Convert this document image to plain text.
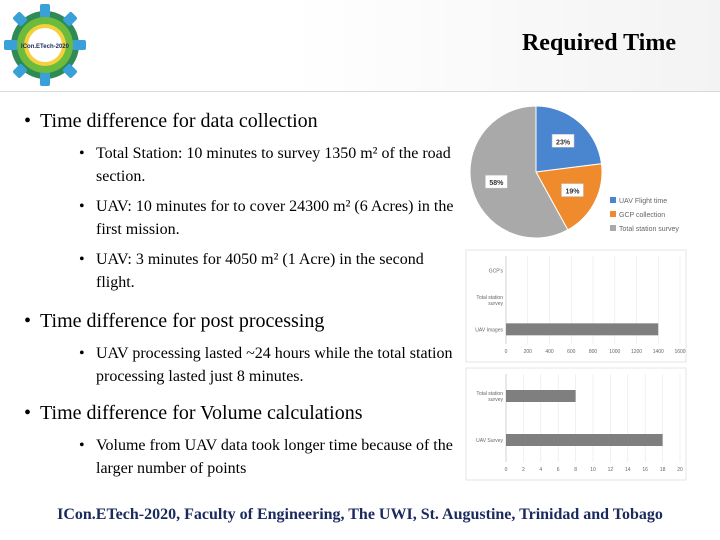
ICon.ETech-2020	Required Time
• Time difference for data collection
• Total Station: 10 minutes to survey 1350 m² of the road section.
• UAV: 10 minutes for to cover 24300 m² (6 Acres) in the first mission.
• UAV: 3 minutes for 4050 m² (1 Acre) in the second flight.
• Time difference for post processing
• UAV processing lasted ~24 hours while the total station processing lasted just 8 minutes.
• Time difference for Volume calculations
• Volume from UAV data took longer time because of the larger number of points
23%
19%
58%
UAV Flight time
GCP collection
Total station survey
0	200	400	600	800 1000 1200 1400 1600
GCP's
Total station
survey
UAV Images
0	2	4	6	8	10 12 14 16 18 20
Total station
survey
UAV Survey
ICon.ETech-2020, Faculty of Engineering, The UWI, St. Augustine, Trinidad and Tobago
